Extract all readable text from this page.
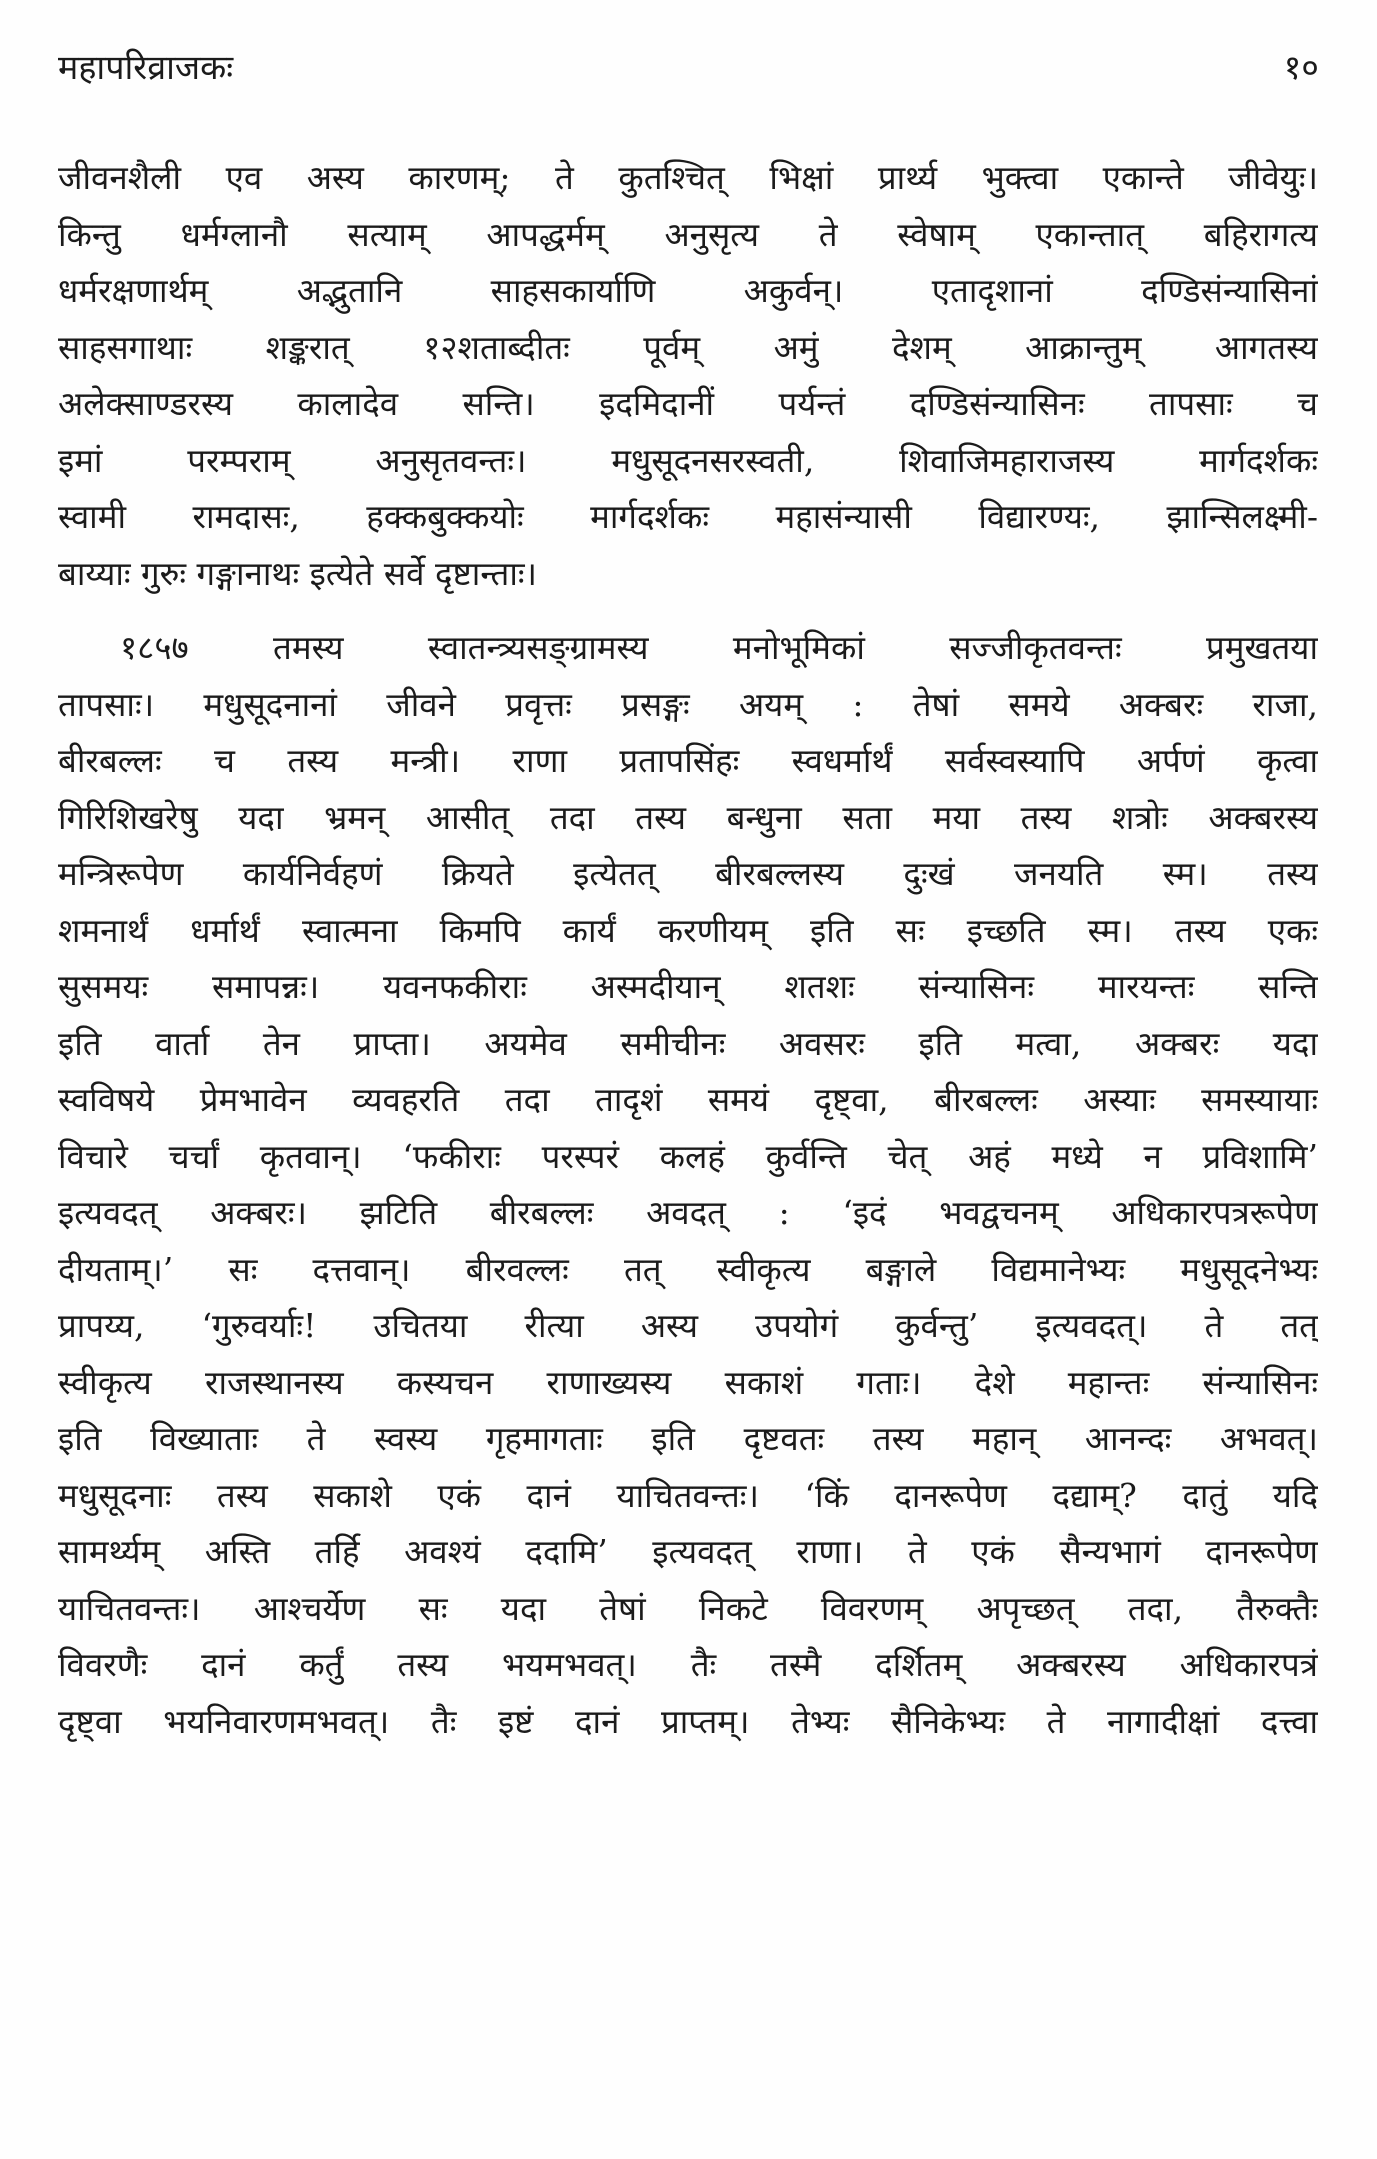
महापरिव्राजकः	१०
जीवनशैली एव अस्य कारणम्; ते कुतश्चित् भिक्षां प्रार्थ्य भुक्त्वा एकान्ते जीवेयुः।
किन्तु धर्मग्लानौ सत्याम् आपद्धर्मम् अनुसृत्य ते स्वेषाम् एकान्तात् बहिरागत्य
धर्मरक्षणार्थम् अद्भुतानि साहसकार्याणि अकुर्वन्। एतादृशानां दण्डिसंन्यासिनां
साहसगाथाः शङ्करात् १२शताब्दीतः पूर्वम् अमुं देशम् आक्रान्तुम् आगतस्य
अलेक्साण्डरस्य कालादेव सन्ति। इदमिदानीं पर्यन्तं दण्डिसंन्यासिनः तापसाः च
इमां परम्पराम् अनुसृतवन्तः। मधुसूदनसरस्वती, शिवाजिमहाराजस्य मार्गदर्शकः
स्वामी रामदासः, हक्कबुक्कयोः मार्गदर्शकः महासंन्यासी विद्यारण्यः, झान्सिलक्ष्मी-
बाय्याः गुरुः गङ्गानाथः इत्येते सर्वे दृष्टान्ताः।
१८५७ तमस्य स्वातन्त्र्यसङ्ग्रामस्य मनोभूमिकां सज्जीकृतवन्तः प्रमुखतया
तापसाः। मधुसूदनानां जीवने प्रवृत्तः प्रसङ्गः अयम् : तेषां समये अक्बरः राजा,
बीरबल्लः च तस्य मन्त्री। राणा प्रतापसिंहः स्वधर्मार्थं सर्वस्वस्यापि अर्पणं कृत्वा
गिरिशिखरेषु यदा भ्रमन् आसीत् तदा तस्य बन्धुना सता मया तस्य शत्रोः अक्बरस्य
मन्त्रिरूपेण कार्यनिर्वहणं क्रियते इत्येतत् बीरबल्लस्य दुःखं जनयति स्म। तस्य
शमनार्थं धर्मार्थं स्वात्मना किमपि कार्यं करणीयम् इति सः इच्छति स्म। तस्य एकः
सुसमयः समापन्नः। यवनफकीराः अस्मदीयान् शतशः संन्यासिनः मारयन्तः सन्ति
इति वार्ता तेन प्राप्ता। अयमेव समीचीनः अवसरः इति मत्वा, अक्बरः यदा
स्वविषये प्रेमभावेन व्यवहरति तदा तादृशं समयं दृष्ट्वा, बीरबल्लः अस्याः समस्यायाः
विचारे चर्चां कृतवान्। ‘फकीराः परस्परं कलहं कुर्वन्ति चेत् अहं मध्ये न प्रविशामि’
इत्यवदत् अक्बरः। झटिति बीरबल्लः अवदत् : ‘इदं भवद्वचनम् अधिकारपत्ररूपेण
दीयताम्।’ सः दत्तवान्। बीरवल्लः तत् स्वीकृत्य बङ्गाले विद्यमानेभ्यः मधुसूदनेभ्यः
प्रापय्य, ‘गुरुवर्याः! उचितया रीत्या अस्य उपयोगं कुर्वन्तु’ इत्यवदत्। ते तत्
स्वीकृत्य राजस्थानस्य कस्यचन राणाख्यस्य सकाशं गताः। देशे महान्तः संन्यासिनः
इति विख्याताः ते स्वस्य गृहमागताः इति दृष्टवतः तस्य महान् आनन्दः अभवत्।
मधुसूदनाः तस्य सकाशे एकं दानं याचितवन्तः। ‘किं दानरूपेण दद्याम्? दातुं यदि
सामर्थ्यम् अस्ति तर्हि अवश्यं ददामि’ इत्यवदत् राणा। ते एकं सैन्यभागं दानरूपेण
याचितवन्तः। आश्चर्येण सः यदा तेषां निकटे विवरणम् अपृच्छत् तदा, तैरुक्तैः
विवरणैः दानं कर्तुं तस्य भयमभवत्। तैः तस्मै दर्शितम् अक्बरस्य अधिकारपत्रं
दृष्ट्वा भयनिवारणमभवत्। तैः इष्टं दानं प्राप्तम्। तेभ्यः सैनिकेभ्यः ते नागादीक्षां दत्त्वा
